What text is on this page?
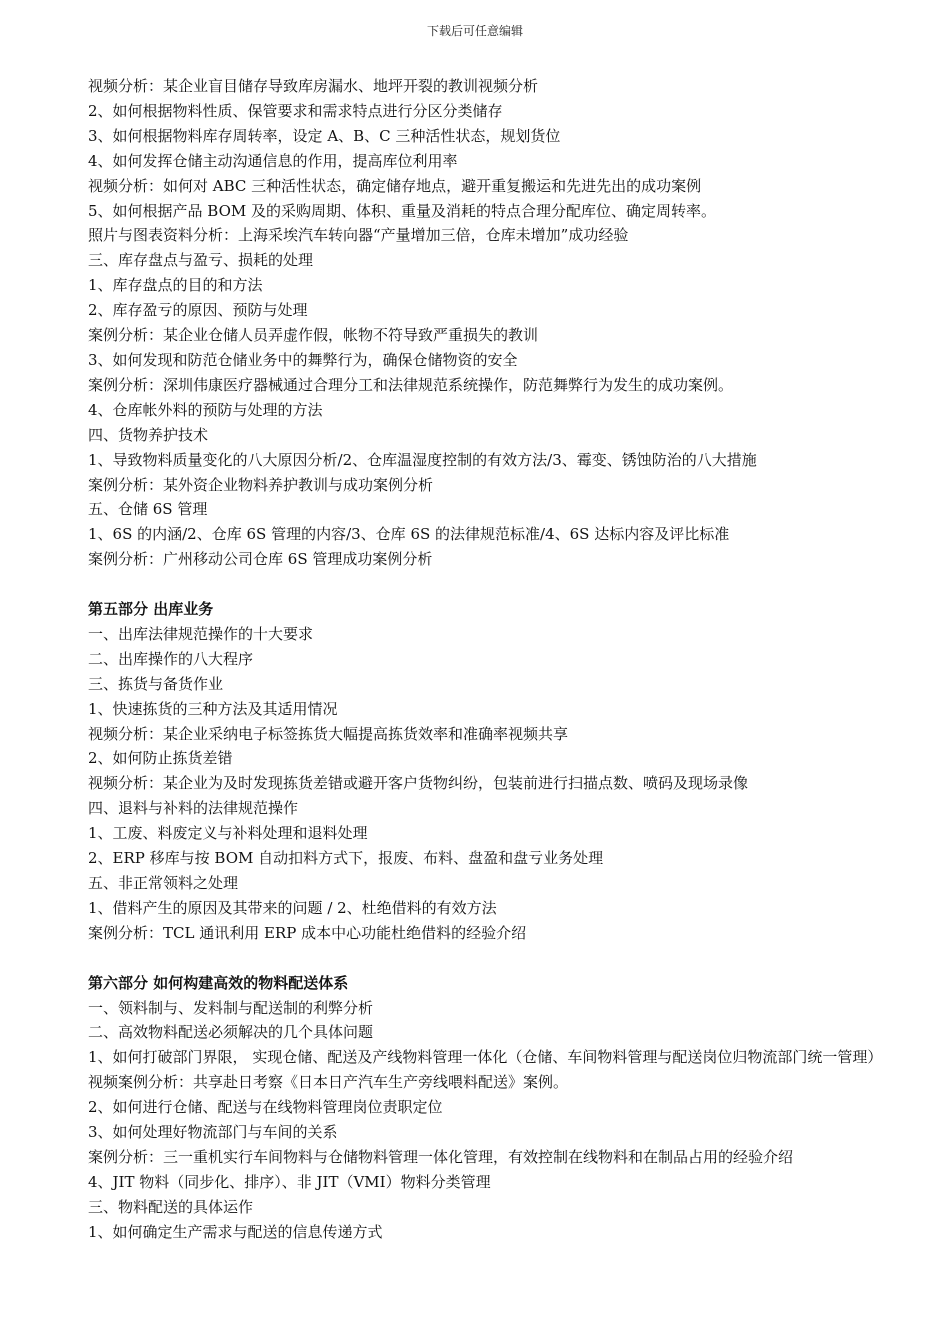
下载后可任意编辑
视频分析：某企业盲目储存导致库房漏水、地坪开裂的教训视频分析
2、如何根据物料性质、保管要求和需求特点进行分区分类储存
3、如何根据物料库存周转率，设定 A、B、C 三种活性状态，规划货位
4、如何发挥仓储主动沟通信息的作用，提高库位利用率
视频分析：如何对 ABC 三种活性状态，确定储存地点，避开重复搬运和先进先出的成功案例
5、如何根据产品 BOM 及的采购周期、体积、重量及消耗的特点合理分配库位、确定周转率。
照片与图表资料分析：上海采埃汽车转向器“产量增加三倍，仓库未增加”成功经验
三、库存盘点与盈亏、损耗的处理
1、库存盘点的目的和方法
2、库存盈亏的原因、预防与处理
案例分析：某企业仓储人员弄虚作假，帐物不符导致严重损失的教训
3、如何发现和防范仓储业务中的舞弊行为，确保仓储物资的安全
案例分析：深圳伟康医疗器械通过合理分工和法律规范系统操作，防范舞弊行为发生的成功案例。
4、仓库帐外料的预防与处理的方法
四、货物养护技术
1、导致物料质量变化的八大原因分析/2、仓库温湿度控制的有效方法/3、霉变、锈蚀防治的八大措施
案例分析：某外资企业物料养护教训与成功案例分析
五、仓储 6S 管理
1、6S 的内涵/2、仓库 6S 管理的内容/3、仓库 6S 的法律规范标准/4、6S 达标内容及评比标准
案例分析：广州移动公司仓库 6S 管理成功案例分析
第五部分 出库业务
一、出库法律规范操作的十大要求
二、出库操作的八大程序
三、拣货与备货作业
1、快速拣货的三种方法及其适用情况
视频分析：某企业采纳电子标签拣货大幅提高拣货效率和准确率视频共享
2、如何防止拣货差错
视频分析：某企业为及时发现拣货差错或避开客户货物纠纷，包装前进行扫描点数、喷码及现场录像
四、退料与补料的法律规范操作
1、工废、料废定义与补料处理和退料处理
2、ERP 移库与按 BOM 自动扣料方式下，报废、布料、盘盈和盘亏业务处理
五、非正常领料之处理
1、借料产生的原因及其带来的问题 / 2、杜绝借料的有效方法
案例分析：TCL 通讯利用 ERP 成本中心功能杜绝借料的经验介绍
第六部分 如何构建高效的物料配送体系
一、领料制与、发料制与配送制的利弊分析
二、高效物料配送必须解决的几个具体问题
1、如何打破部门界限， 实现仓储、配送及产线物料管理一体化（仓储、车间物料管理与配送岗位归物流部门统一管理）
视频案例分析：共享赴日考察《日本日产汽车生产旁线喂料配送》案例。
2、如何进行仓储、配送与在线物料管理岗位责职定位
3、如何处理好物流部门与车间的关系
案例分析：三一重机实行车间物料与仓储物料管理一体化管理，有效控制在线物料和在制品占用的经验介绍
4、JIT 物料（同步化、排序）、非 JIT（VMI）物料分类管理
三、物料配送的具体运作
1、如何确定生产需求与配送的信息传递方式
